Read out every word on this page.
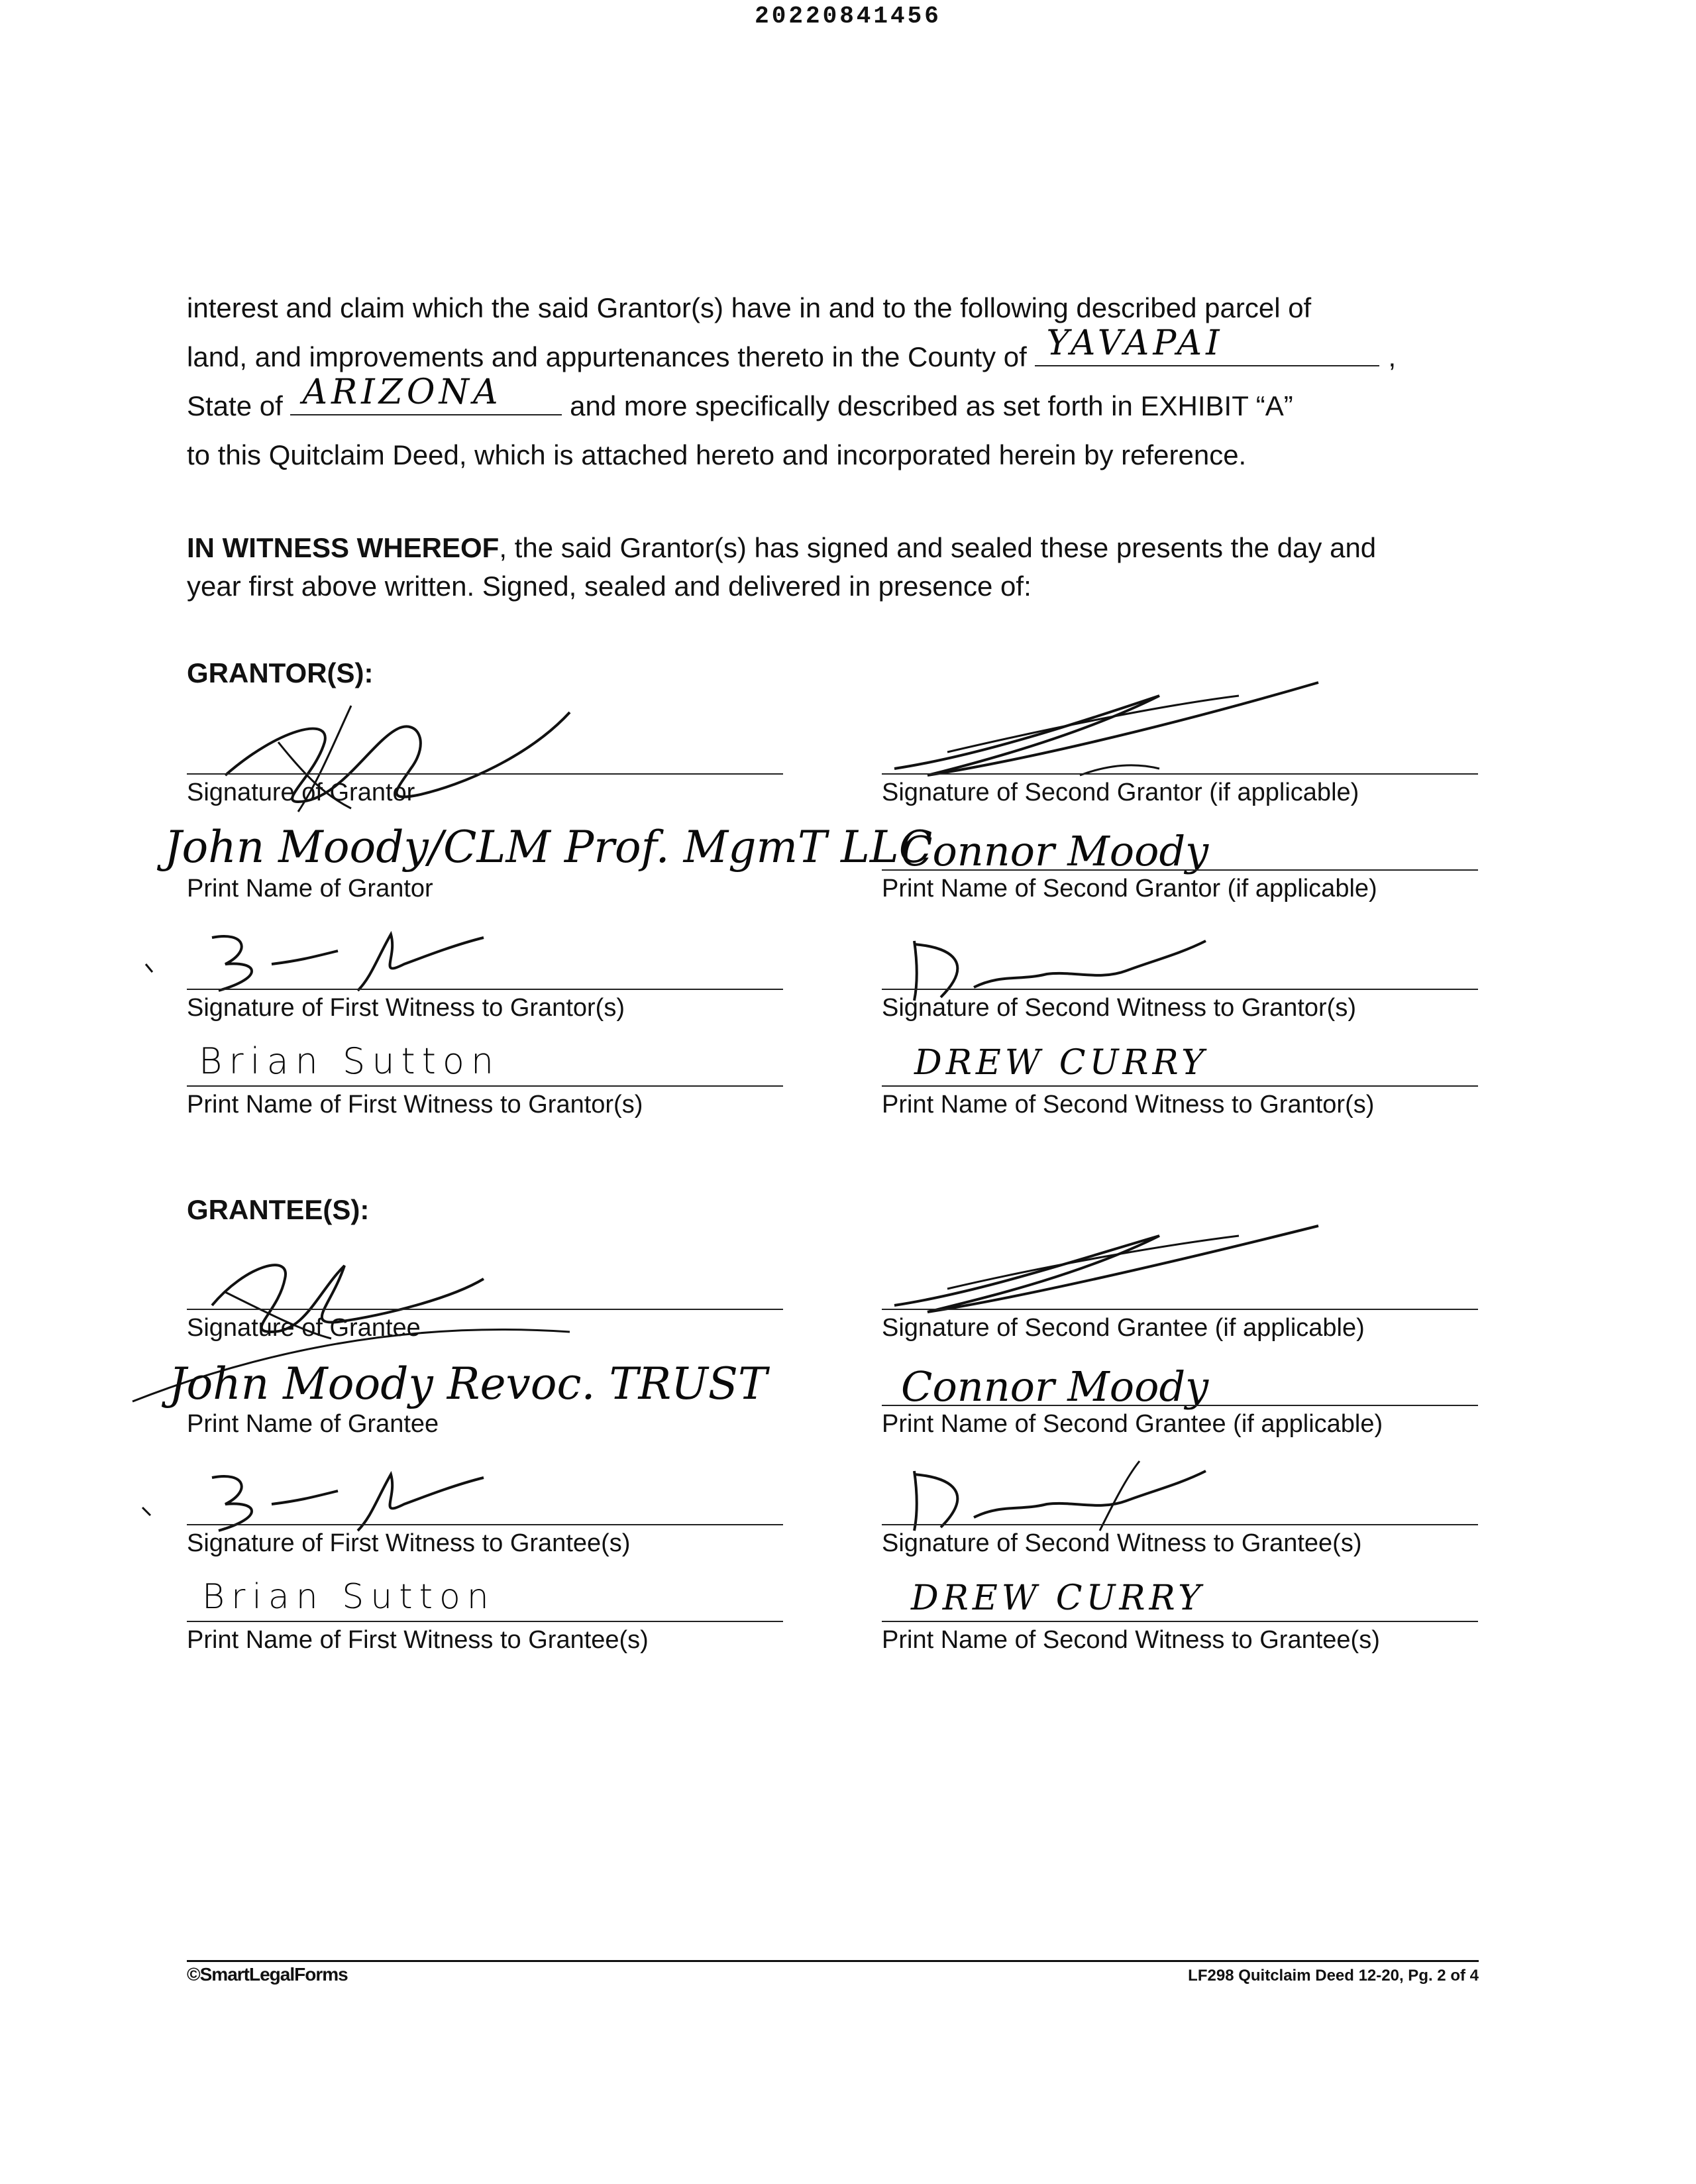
20220841456
interest and claim which the said Grantor(s) have in and to the following described parcel of
land, and improvements and appurtenances thereto in the County of YAVAPAI	,
State of ARIZONA and more specifically described as set forth in EXHIBIT “A”
to this Quitclaim Deed, which is attached hereto and incorporated herein by reference.
IN WITNESS WHEREOF, the said Grantor(s) has signed and sealed these presents the day and
year first above written. Signed, sealed and delivered in presence of:
GRANTOR(S):
Signature of Grantor	Signature of Second Grantor (if applicable)
John Moody/CLM Prof. MgmT LLC
Print Name of Grantor
Connor Moody
Print Name of Second Grantor (if applicable)
Signature of First Witness to Grantor(s)	Signature of Second Witness to Grantor(s)
Brian Sutton
Print Name of First Witness to Grantor(s)
DREW CURRY
Print Name of Second Witness to Grantor(s)
GRANTEE(S):
Signature of Grantee	Signature of Second Grantee (if applicable)
John Moody Revoc. TRUST
Print Name of Grantee
Connor Moody
Print Name of Second Grantee (if applicable)
Signature of First Witness to Grantee(s)	Signature of Second Witness to Grantee(s)
Brian Sutton
Print Name of First Witness to Grantee(s)
DREW CURRY
Print Name of Second Witness to Grantee(s)
©SmartLegalForms	LF298 Quitclaim Deed 12-20, Pg. 2 of 4
